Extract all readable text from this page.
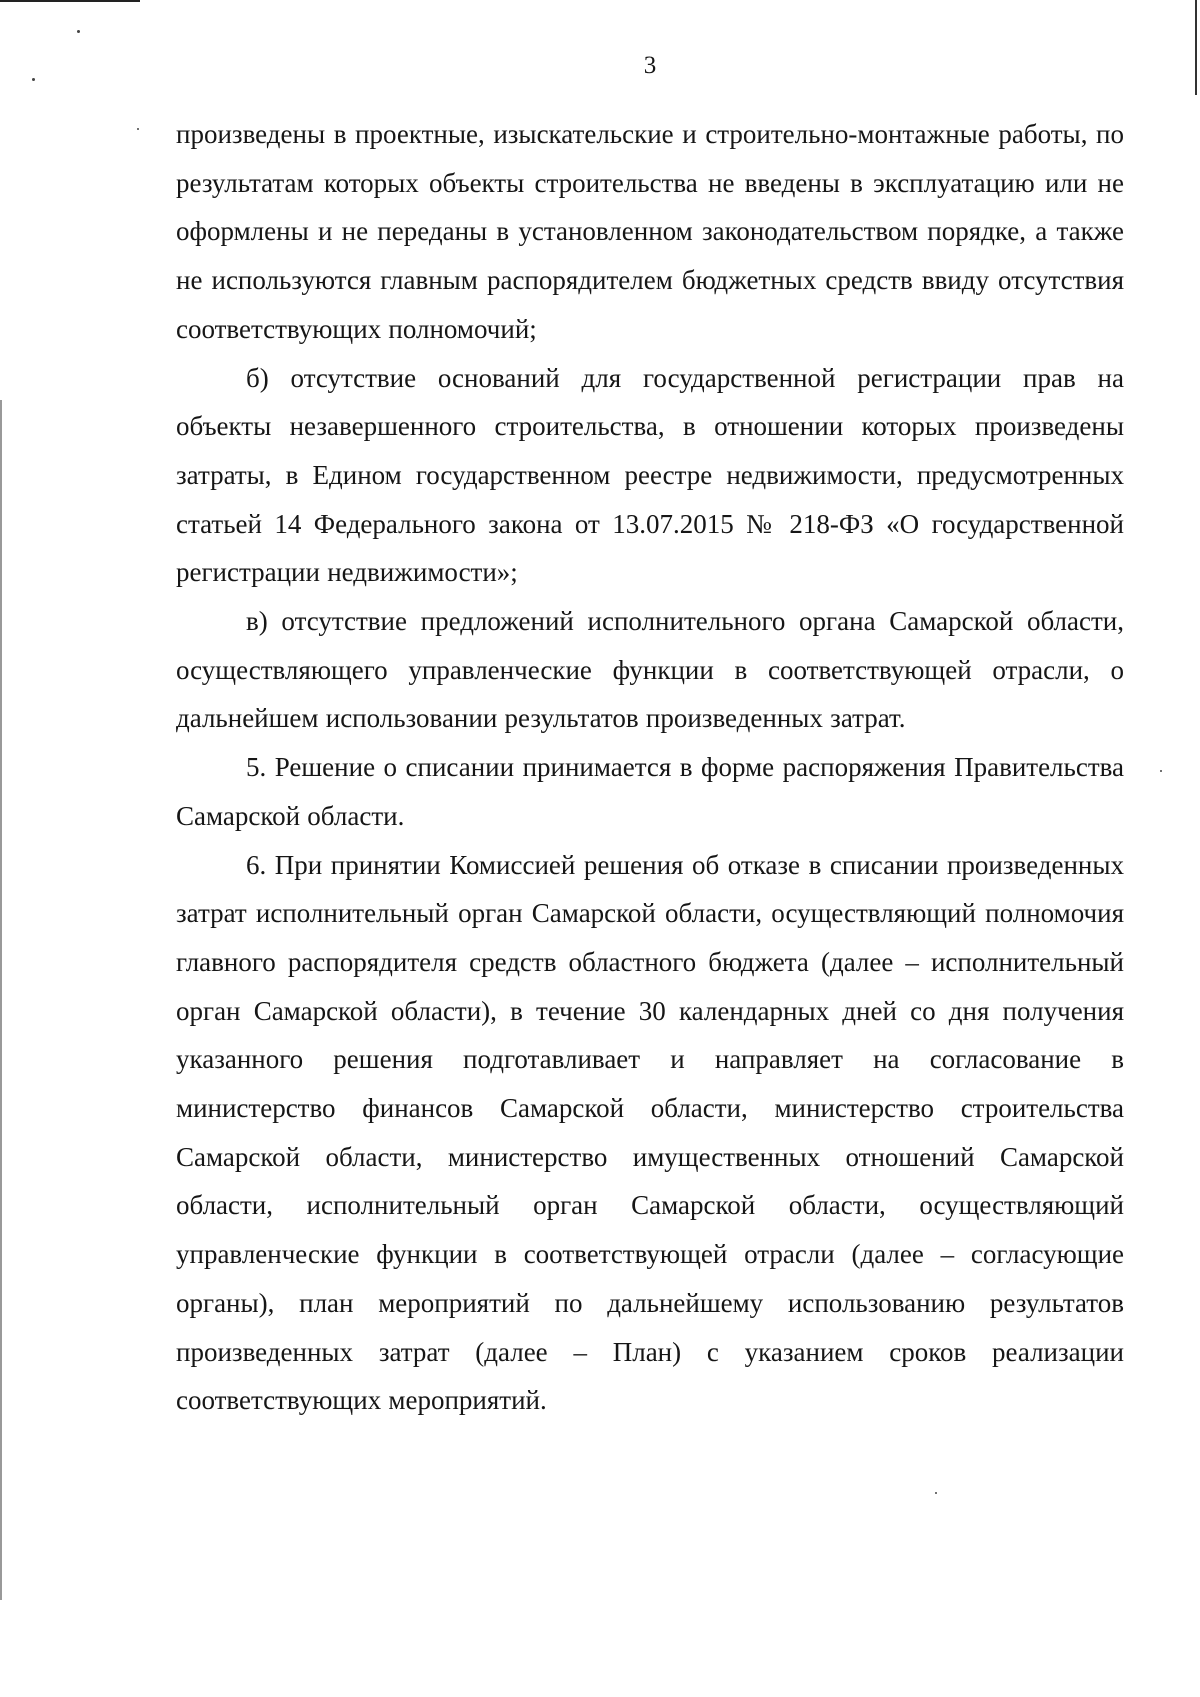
3

произведены в проектные, изыскательские и строительно-монтажные работы, по результатам которых объекты строительства не введены в эксплуатацию или не оформлены и не переданы в установленном законодательством порядке, а также не используются главным распорядителем бюджетных средств ввиду отсутствия соответствующих полномочий;

б) отсутствие оснований для государственной регистрации прав на объекты незавершенного строительства, в отношении которых произведены затраты, в Едином государственном реестре недвижимости, предусмотренных статьей 14 Федерального закона от 13.07.2015 № 218-ФЗ «О государственной регистрации недвижимости»;

в) отсутствие предложений исполнительного органа Самарской области, осуществляющего управленческие функции в соответствующей отрасли, о дальнейшем использовании результатов произведенных затрат.

5. Решение о списании принимается в форме распоряжения Правительства Самарской области.

6. При принятии Комиссией решения об отказе в списании произведенных затрат исполнительный орган Самарской области, осуществляющий полномочия главного распорядителя средств областного бюджета (далее – исполнительный орган Самарской области), в течение 30 календарных дней со дня получения указанного решения подготавливает и направляет на согласование в министерство финансов Самарской области, министерство строительства Самарской области, министерство имущественных отношений Самарской области, исполнительный орган Самарской области, осуществляющий управленческие функции в соответствующей отрасли (далее – согласующие органы), план мероприятий по дальнейшему использованию результатов произведенных затрат (далее – План) с указанием сроков реализации соответствующих мероприятий.
